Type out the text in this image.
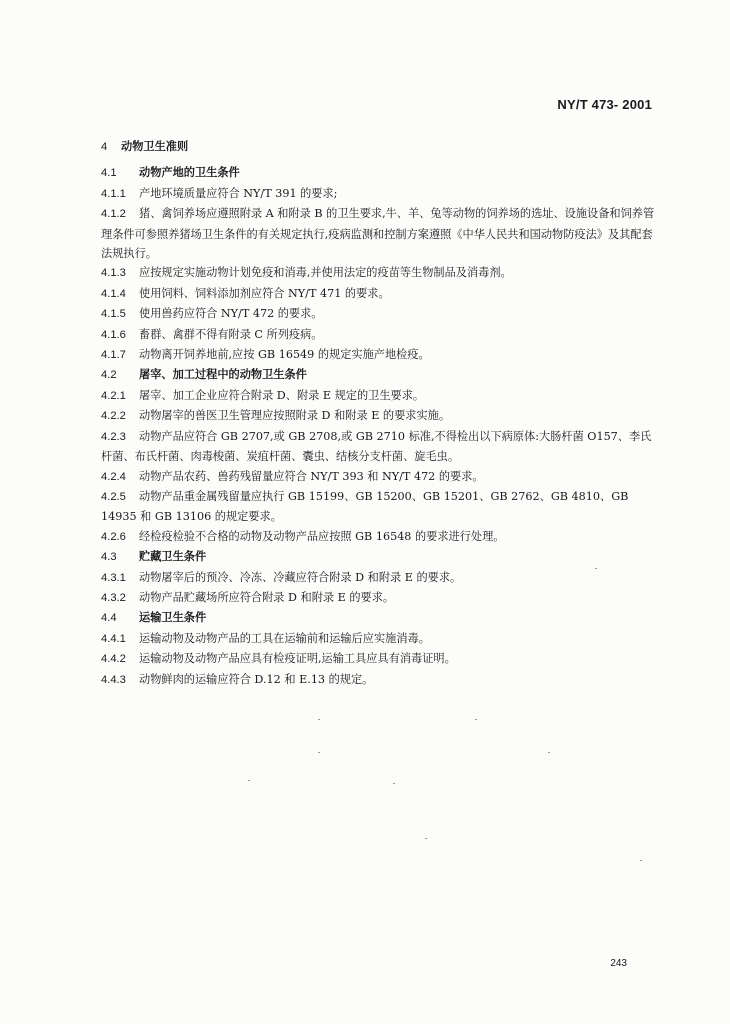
NY/T 473- 2001
4 动物卫生准则
4.1 动物产地的卫生条件
4.1.1 产地环境质量应符合 NY/T 391 的要求;
4.1.2 猪、禽饲养场应遵照附录 A 和附录 B 的卫生要求,牛、羊、兔等动物的饲养场的选址、设施设备和饲养管理条件可参照养猪场卫生条件的有关规定执行,疫病监测和控制方案遵照《中华人民共和国动物防疫法》及其配套法规执行。
4.1.3 应按规定实施动物计划免疫和消毒,并使用法定的疫苗等生物制品及消毒剂。
4.1.4 使用饲料、饲料添加剂应符合 NY/T 471 的要求。
4.1.5 使用兽药应符合 NY/T 472 的要求。
4.1.6 畜群、禽群不得有附录 C 所列疫病。
4.1.7 动物离开饲养地前,应按 GB 16549 的规定实施产地检疫。
4.2 屠宰、加工过程中的动物卫生条件
4.2.1 屠宰、加工企业应符合附录 D、附录 E 规定的卫生要求。
4.2.2 动物屠宰的兽医卫生管理应按照附录 D 和附录 E 的要求实施。
4.2.3 动物产品应符合 GB 2707,或 GB 2708,或 GB 2710 标准,不得检出以下病原体:大肠杆菌 O157、李氏杆菌、布氏杆菌、肉毒梭菌、炭疽杆菌、囊虫、结核分支杆菌、旋毛虫。
4.2.4 动物产品农药、兽药残留量应符合 NY/T 393 和 NY/T 472 的要求。
4.2.5 动物产品重金属残留量应执行 GB 15199、GB 15200、GB 15201、GB 2762、GB 4810、GB 14935 和 GB 13106 的规定要求。
4.2.6 经检疫检验不合格的动物及动物产品应按照 GB 16548 的要求进行处理。
4.3 贮藏卫生条件
4.3.1 动物屠宰后的预冷、冷冻、冷藏应符合附录 D 和附录 E 的要求。
4.3.2 动物产品贮藏场所应符合附录 D 和附录 E 的要求。
4.4 运输卫生条件
4.4.1 运输动物及动物产品的工具在运输前和运输后应实施消毒。
4.4.2 运输动物及动物产品应具有检疫证明,运输工具应具有消毒证明。
4.4.3 动物鲜肉的运输应符合 D.12 和 E.13 的规定。
243
